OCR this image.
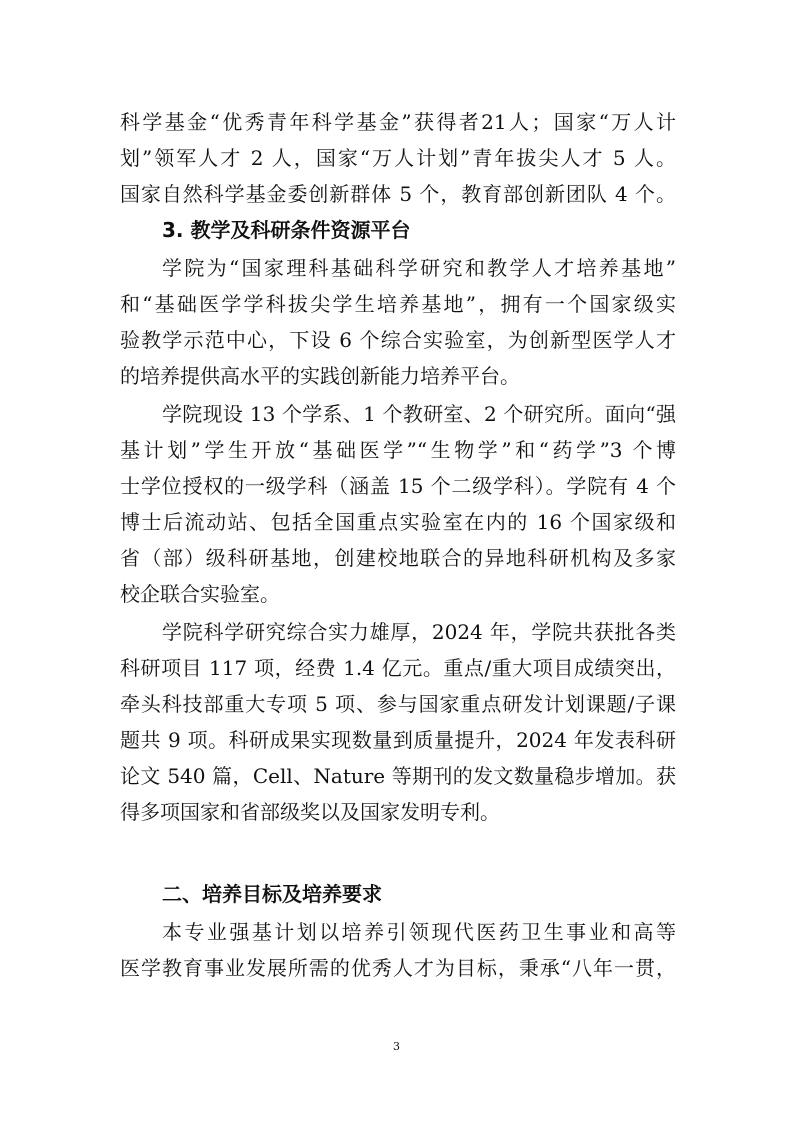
科学基金“优秀青年科学基金”获得者21人；国家“万人计
划”领军人才 2 人，国家“万人计划”青年拔尖人才 5 人。
国家自然科学基金委创新群体 5 个，教育部创新团队 4 个。
3. 教学及科研条件资源平台
学院为“国家理科基础科学研究和教学人才培养基地”
和“基础医学学科拔尖学生培养基地”，拥有一个国家级实
验教学示范中心，下设 6 个综合实验室，为创新型医学人才
的培养提供高水平的实践创新能力培养平台。
学院现设 13 个学系、1 个教研室、2 个研究所。面向“强
基计划”学生开放“基础医学”“生物学”和“药学”3 个博
士学位授权的一级学科（涵盖 15 个二级学科）。学院有 4 个
博士后流动站、包括全国重点实验室在内的 16 个国家级和
省（部）级科研基地，创建校地联合的异地科研机构及多家
校企联合实验室。
学院科学研究综合实力雄厚，2024 年，学院共获批各类
科研项目 117 项，经费 1.4 亿元。重点/重大项目成绩突出，
牵头科技部重大专项 5 项、参与国家重点研发计划课题/子课
题共 9 项。科研成果实现数量到质量提升，2024 年发表科研
论文 540 篇，Cell、Nature 等期刊的发文数量稳步增加。获
得多项国家和省部级奖以及国家发明专利。
二、培养目标及培养要求
本专业强基计划以培养引领现代医药卫生事业和高等
医学教育事业发展所需的优秀人才为目标，秉承“八年一贯，
3
